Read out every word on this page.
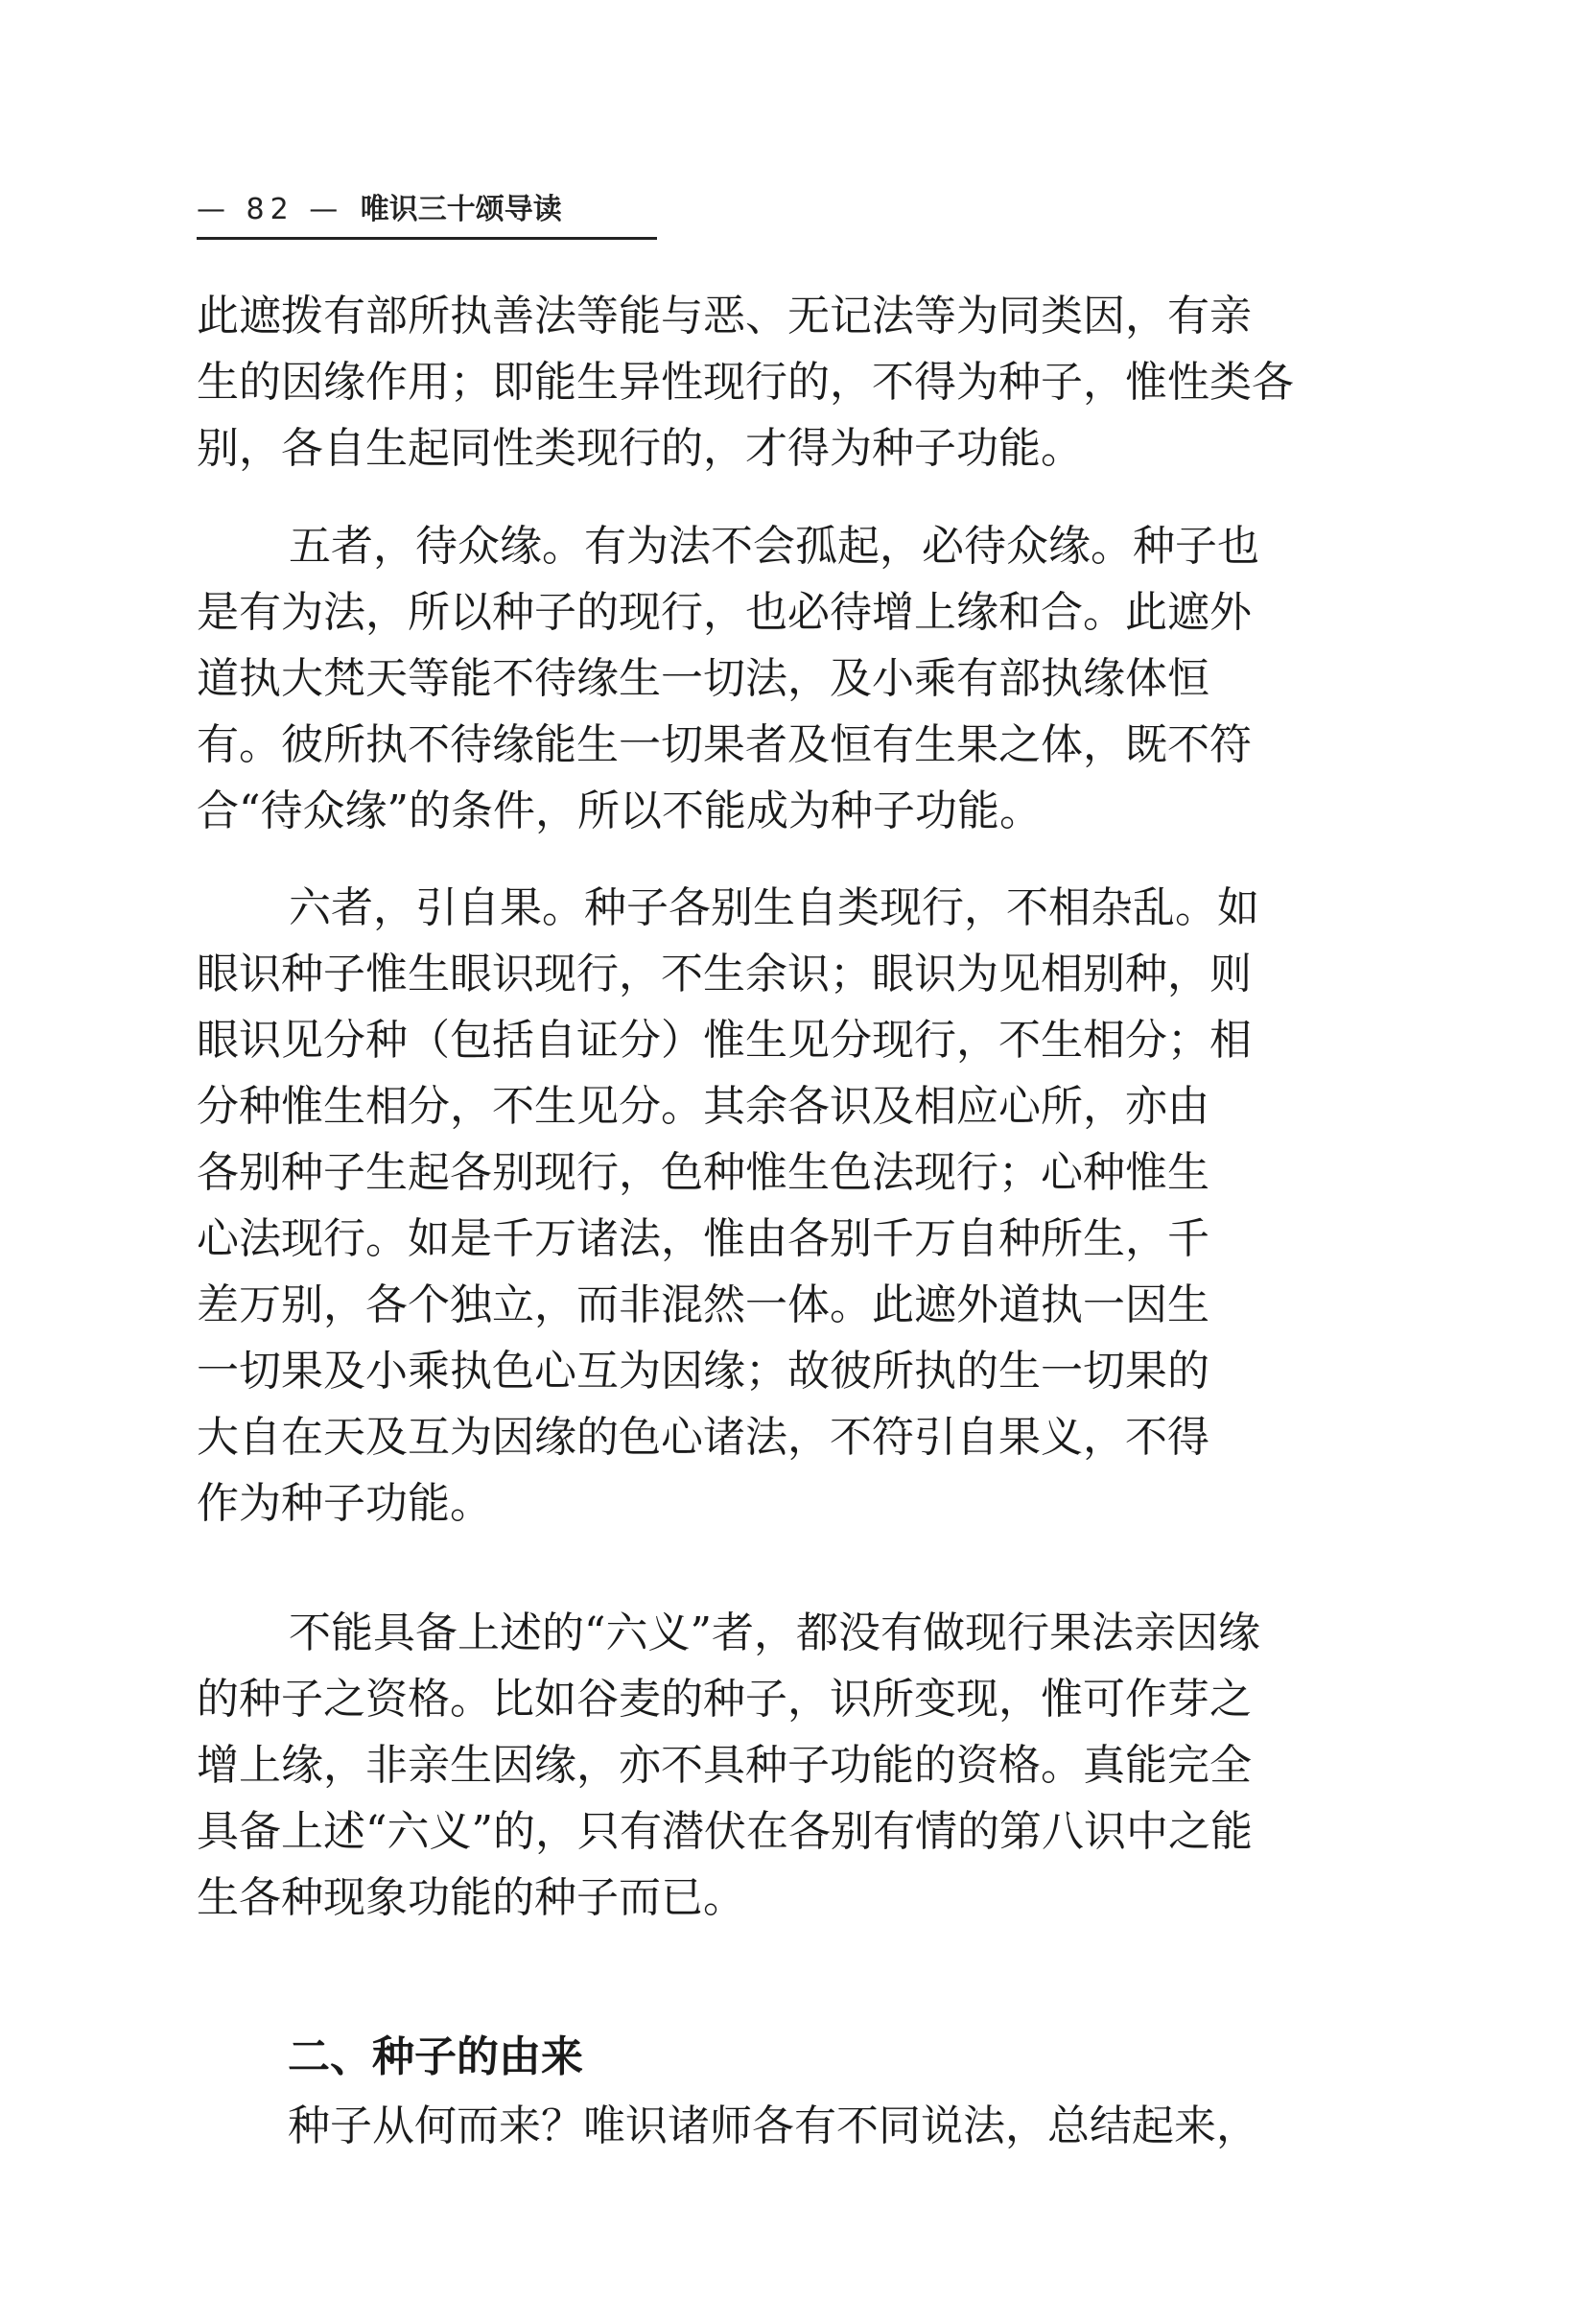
— 82 — 唯识三十颂导读
此遮拨有部所执善法等能与恶、无记法等为同类因，有亲
生的因缘作用；即能生异性现行的，不得为种子，惟性类各
别，各自生起同性类现行的，才得为种子功能。
五者，待众缘。有为法不会孤起，必待众缘。种子也
是有为法，所以种子的现行，也必待增上缘和合。此遮外
道执大梵天等能不待缘生一切法，及小乘有部执缘体恒
有。彼所执不待缘能生一切果者及恒有生果之体，既不符
合“待众缘”的条件，所以不能成为种子功能。
六者，引自果。种子各别生自类现行，不相杂乱。如
眼识种子惟生眼识现行，不生余识；眼识为见相别种，则
眼识见分种（包括自证分）惟生见分现行，不生相分；相
分种惟生相分，不生见分。其余各识及相应心所，亦由
各别种子生起各别现行，色种惟生色法现行；心种惟生
心法现行。如是千万诸法，惟由各别千万自种所生，千
差万别，各个独立，而非混然一体。此遮外道执一因生
一切果及小乘执色心互为因缘；故彼所执的生一切果的
大自在天及互为因缘的色心诸法，不符引自果义，不得
作为种子功能。
不能具备上述的“六义”者，都没有做现行果法亲因缘
的种子之资格。比如谷麦的种子，识所变现，惟可作芽之
增上缘，非亲生因缘，亦不具种子功能的资格。真能完全
具备上述“六义”的，只有潜伏在各别有情的第八识中之能
生各种现象功能的种子而已。
二、种子的由来

种子从何而来？唯识诸师各有不同说法，总结起来，
